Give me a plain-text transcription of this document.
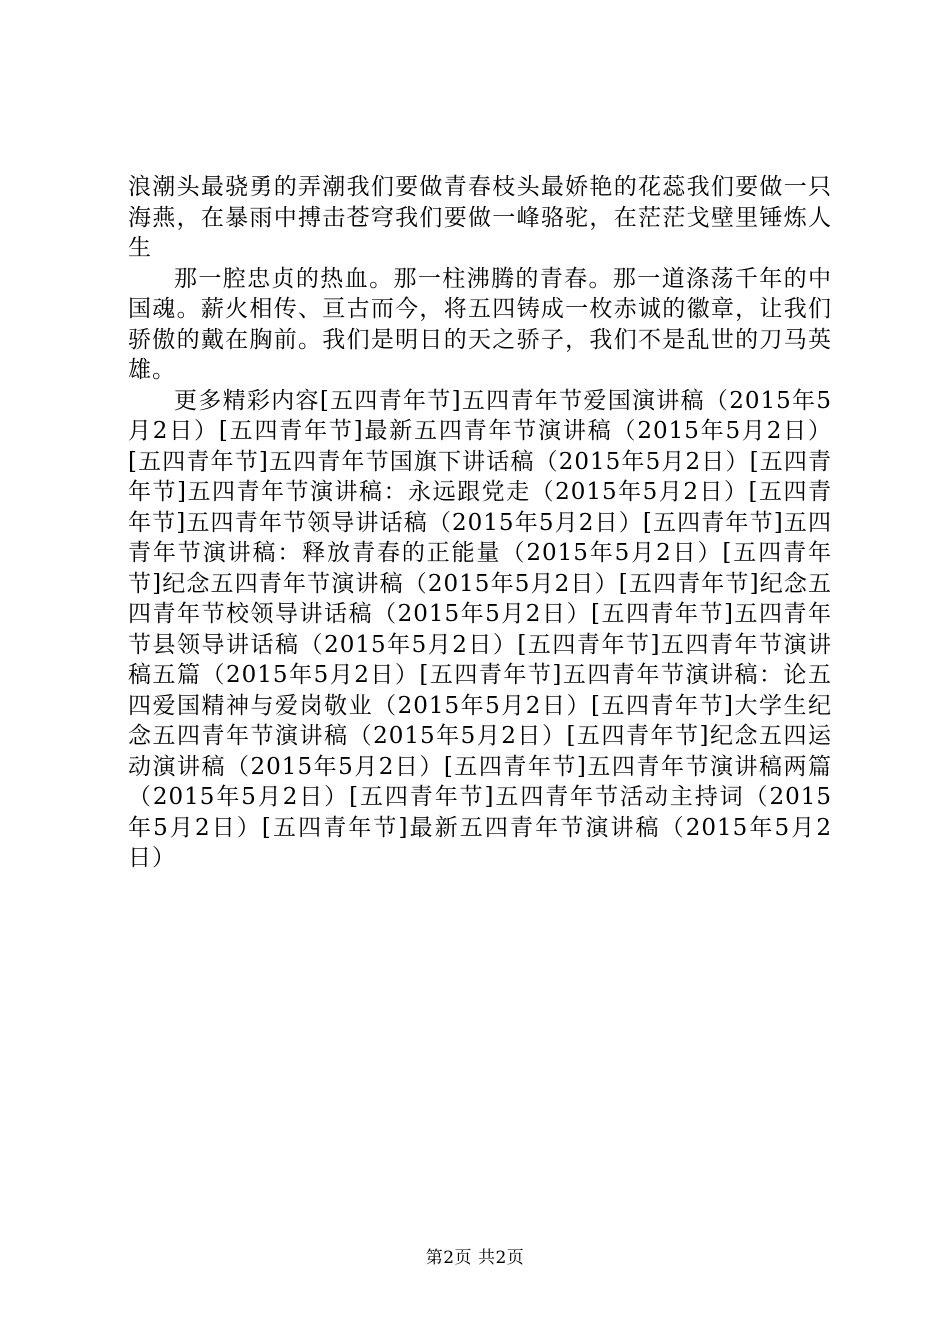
浪潮头最骁勇的弄潮我们要做青春枝头最娇艳的花蕊我们要做一只海燕，在暴雨中搏击苍穹我们要做一峰骆驼，在茫茫戈壁里锤炼人生

那一腔忠贞的热血。那一柱沸腾的青春。那一道涤荡千年的中国魂。薪火相传、亘古而今，将五四铸成一枚赤诚的徽章，让我们骄傲的戴在胸前。我们是明日的天之骄子，我们不是乱世的刀马英雄。

更多精彩内容[五四青年节]五四青年节爱国演讲稿（2015年5月2日）[五四青年节]最新五四青年节演讲稿（2015年5月2日）[五四青年节]五四青年节国旗下讲话稿（2015年5月2日）[五四青年节]五四青年节演讲稿：永远跟党走（2015年5月2日）[五四青年节]五四青年节领导讲话稿（2015年5月2日）[五四青年节]五四青年节演讲稿：释放青春的正能量（2015年5月2日）[五四青年节]纪念五四青年节演讲稿（2015年5月2日）[五四青年节]纪念五四青年节校领导讲话稿（2015年5月2日）[五四青年节]五四青年节县领导讲话稿（2015年5月2日）[五四青年节]五四青年节演讲稿五篇（2015年5月2日）[五四青年节]五四青年节演讲稿：论五四爱国精神与爱岗敬业（2015年5月2日）[五四青年节]大学生纪念五四青年节演讲稿（2015年5月2日）[五四青年节]纪念五四运动演讲稿（2015年5月2日）[五四青年节]五四青年节演讲稿两篇（2015年5月2日）[五四青年节]五四青年节活动主持词（2015年5月2日）[五四青年节]最新五四青年节演讲稿（2015年5月2日）

第2页 共2页
